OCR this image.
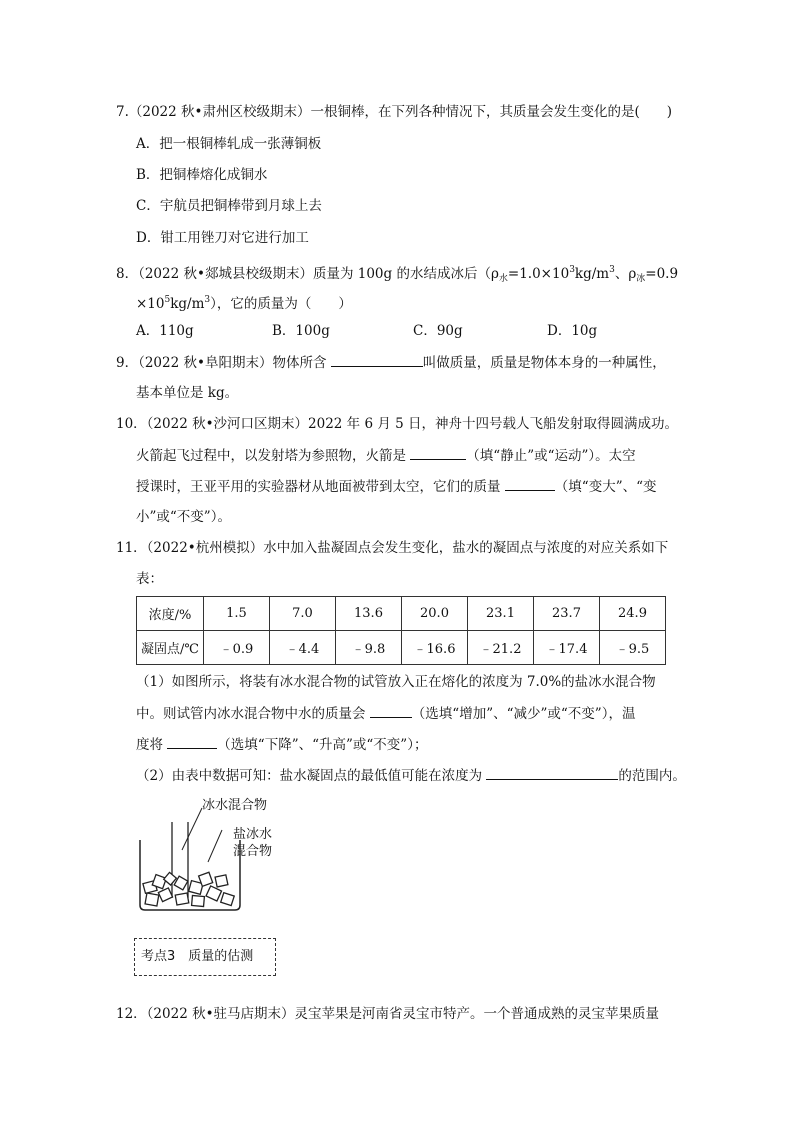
7.（2022 秋•肃州区校级期末）一根铜棒，在下列各种情况下，其质量会发生变化的是(　　)
A．把一根铜棒轧成一张薄铜板
B．把铜棒熔化成铜水
C．宇航员把铜棒带到月球上去
D．钳工用锉刀对它进行加工
8．（2022 秋•郯城县校级期末）质量为 100g 的水结成冰后（$\rho_水=1.0\times 10^3kg/m^3$、$\rho_冰=0.9$
$\times 10^5kg/m^3$），它的质量为（　　）
A．110g	B．100g	C．90g	D．10g
9．（2022 秋•阜阳期末）物体所含	叫做质量，质量是物体本身的一种属性，
基本单位是 kg。
10．（2022 秋•沙河口区期末）2022 年 6 月 5 日，神舟十四号载人飞船发射取得圆满成功。
火箭起飞过程中，以发射塔为参照物，火箭是	（填“静止”或“运动”）。太空
授课时，王亚平用的实验器材从地面被带到太空，它们的质量	（填“变大”、“变
小”或“不变”）。
11．（2022•杭州模拟）水中加入盐凝固点会发生变化，盐水的凝固点与浓度的对应关系如下
表：
浓度/%	1.5	7.0	13.6	20.0	23.1	23.7	24.9
凝固点/℃	﹣0.9	﹣4.4	﹣9.8	﹣16.6	﹣21.2	﹣17.4	﹣9.5
（1）如图所示，将装有冰水混合物的试管放入正在熔化的浓度为 7.0%的盐冰水混合物
中。则试管内冰水混合物中水的质量会	（选填“增加”、“减少”或“不变”），温
度将	（选填“下降”、“升高”或“不变”）；
（2）由表中数据可知：盐水凝固点的最低值可能在浓度为	的范围内。
冰水混合物
盐冰水
混合物
考点3　质量的估测
12．（2022 秋•驻马店期末）灵宝苹果是河南省灵宝市特产。一个普通成熟的灵宝苹果质量
